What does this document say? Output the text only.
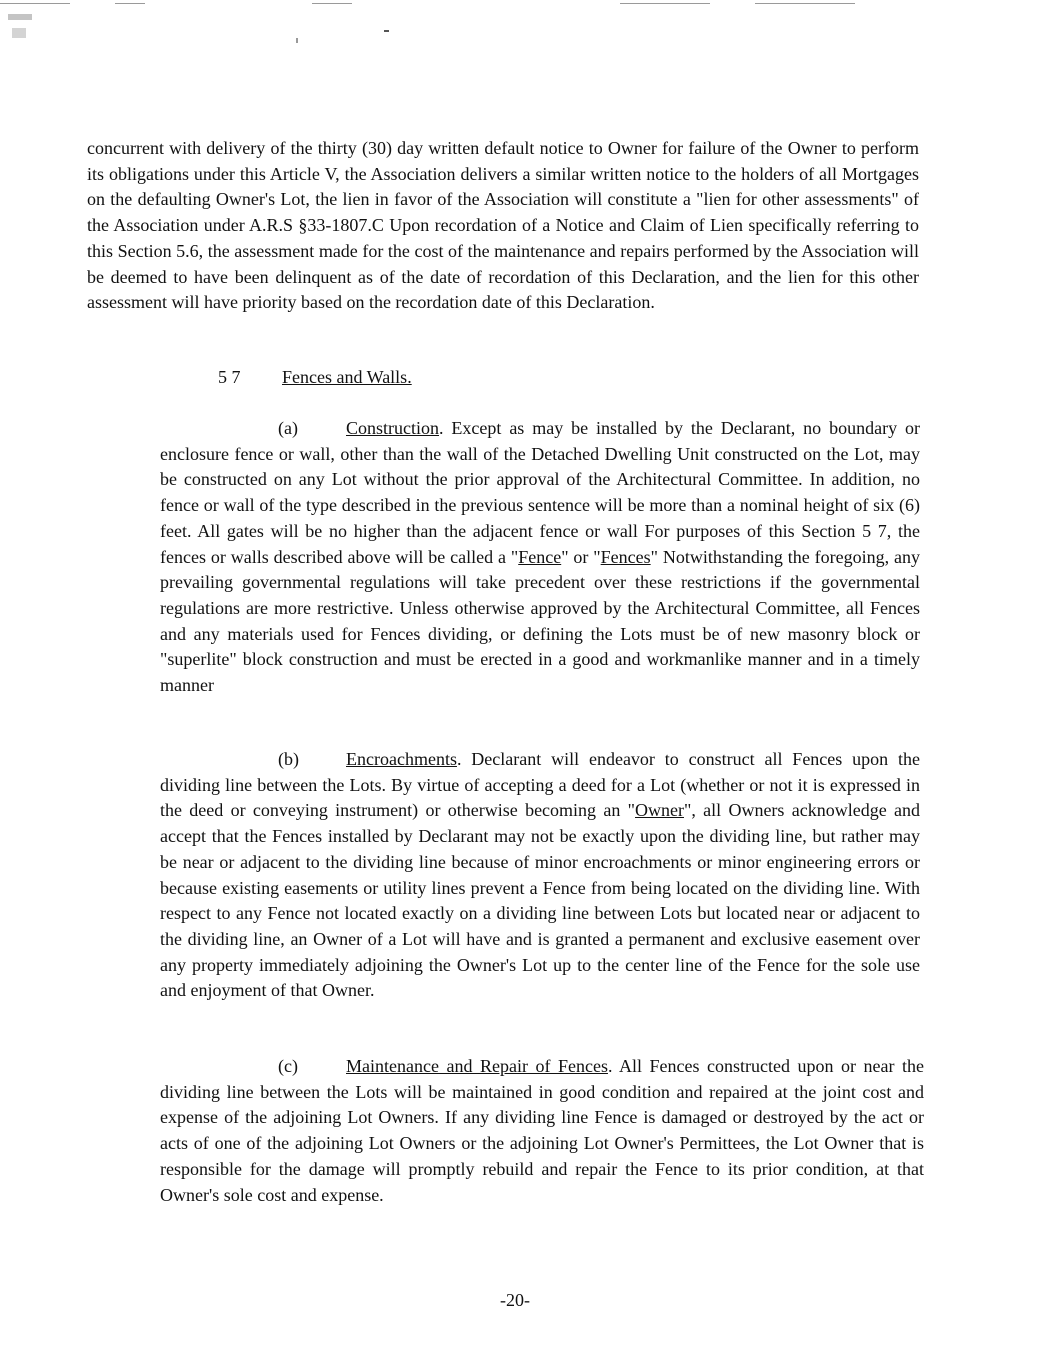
concurrent with delivery of the thirty (30) day written default notice to Owner for failure of the Owner to perform its obligations under this Article V, the Association delivers a similar written notice to the holders of all Mortgages on the defaulting Owner's Lot, the lien in favor of the Association will constitute a "lien for other assessments" of the Association under A.R.S §33-1807.C Upon recordation of a Notice and Claim of Lien specifically referring to this Section 5.6, the assessment made for the cost of the maintenance and repairs performed by the Association will be deemed to have been delinquent as of the date of recordation of this Declaration, and the lien for this other assessment will have priority based on the recordation date of this Declaration.

5 7 Fences and Walls.

(a)	Construction. Except as may be installed by the Declarant, no boundary or enclosure fence or wall, other than the wall of the Detached Dwelling Unit constructed on the Lot, may be constructed on any Lot without the prior approval of the Architectural Committee. In addition, no fence or wall of the type described in the previous sentence will be more than a nominal height of six (6) feet. All gates will be no higher than the adjacent fence or wall For purposes of this Section 5 7, the fences or walls described above will be called a "Fence" or "Fences" Notwithstanding the foregoing, any prevailing governmental regulations will take precedent over these restrictions if the governmental regulations are more restrictive. Unless otherwise approved by the Architectural Committee, all Fences and any materials used for Fences dividing, or defining the Lots must be of new masonry block or "superlite" block construction and must be erected in a good and workmanlike manner and in a timely manner

(b)	Encroachments. Declarant will endeavor to construct all Fences upon the dividing line between the Lots. By virtue of accepting a deed for a Lot (whether or not it is expressed in the deed or conveying instrument) or otherwise becoming an "Owner", all Owners acknowledge and accept that the Fences installed by Declarant may not be exactly upon the dividing line, but rather may be near or adjacent to the dividing line because of minor encroachments or minor engineering errors or because existing easements or utility lines prevent a Fence from being located on the dividing line. With respect to any Fence not located exactly on a dividing line between Lots but located near or adjacent to the dividing line, an Owner of a Lot will have and is granted a permanent and exclusive easement over any property immediately adjoining the Owner's Lot up to the center line of the Fence for the sole use and enjoyment of that Owner.

(c)	Maintenance and Repair of Fences. All Fences constructed upon or near the dividing line between the Lots will be maintained in good condition and repaired at the joint cost and expense of the adjoining Lot Owners. If any dividing line Fence is damaged or destroyed by the act or acts of one of the adjoining Lot Owners or the adjoining Lot Owner's Permittees, the Lot Owner that is responsible for the damage will promptly rebuild and repair the Fence to its prior condition, at that Owner's sole cost and expense.

-20-
